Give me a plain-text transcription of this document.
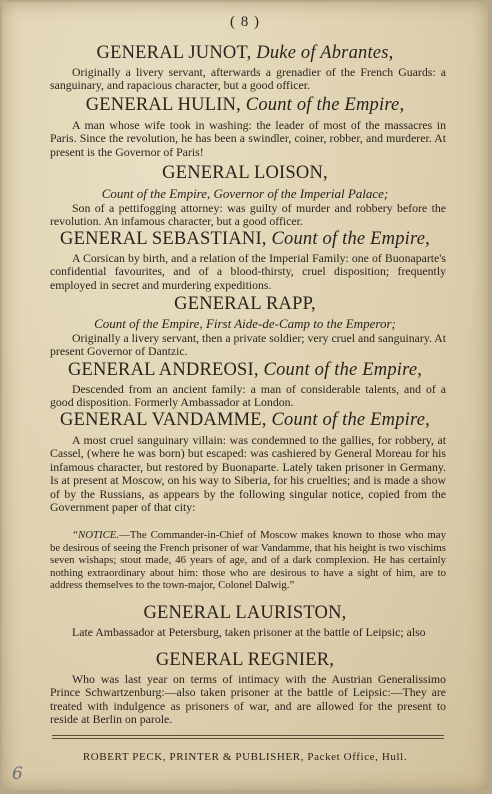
( 8 )
GENERAL JUNOT, Duke of Abrantes,
Originally a livery servant, afterwards a grenadier of the French Guards: a sanguinary, and rapacious character, but a good officer.
GENERAL HULIN, Count of the Empire,
A man whose wife took in washing: the leader of most of the massacres in Paris. Since the revolution, he has been a swindler, coiner, robber, and murderer. At present is the Governor of Paris!
GENERAL LOISON,
Count of the Empire, Governor of the Imperial Palace;
Son of a pettifogging attorney: was guilty of murder and robbery before the revolution. An infamous character, but a good officer.
GENERAL SEBASTIANI, Count of the Empire,
A Corsican by birth, and a relation of the Imperial Family: one of Buonaparte's confidential favourites, and of a blood-thirsty, cruel disposition; frequently employed in secret and murdering expeditions.
GENERAL RAPP,
Count of the Empire, First Aide-de-Camp to the Emperor;
Originally a livery servant, then a private soldier; very cruel and sanguinary. At present Governor of Dantzic.
GENERAL ANDREOSI, Count of the Empire,
Descended from an ancient family: a man of considerable talents, and of a good disposition. Formerly Ambassador at London.
GENERAL VANDAMME, Count of the Empire,
A most cruel sanguinary villain: was condemned to the gallies, for robbery, at Cassel, (where he was born) but escaped: was cashiered by General Moreau for his infamous character, but restored by Buonaparte. Lately taken prisoner in Germany. Is at present at Moscow, on his way to Siberia, for his cruelties; and is made a show of by the Russians, as appears by the following singular notice, copied from the Government paper of that city:
“NOTICE.—The Commander-in-Chief of Moscow makes known to those who may be desirous of seeing the French prisoner of war Vandamme, that his height is two vischims seven wishaps; stout made, 46 years of age, and of a dark complexion. He has certainly nothing extraordinary about him: those who are desirous to have a sight of him, are to address themselves to the town-major, Colonel Dalwig.”
GENERAL LAURISTON,
Late Ambassador at Petersburg, taken prisoner at the battle of Leipsic; also
GENERAL REGNIER,
Who was last year on terms of intimacy with the Austrian Generalissimo Prince Schwartzenburg:—also taken prisoner at the battle of Leipsic:—They are treated with indulgence as prisoners of war, and are allowed for the present to reside at Berlin on parole.
ROBERT PECK, PRINTER & PUBLISHER, Packet Office, Hull.
6
